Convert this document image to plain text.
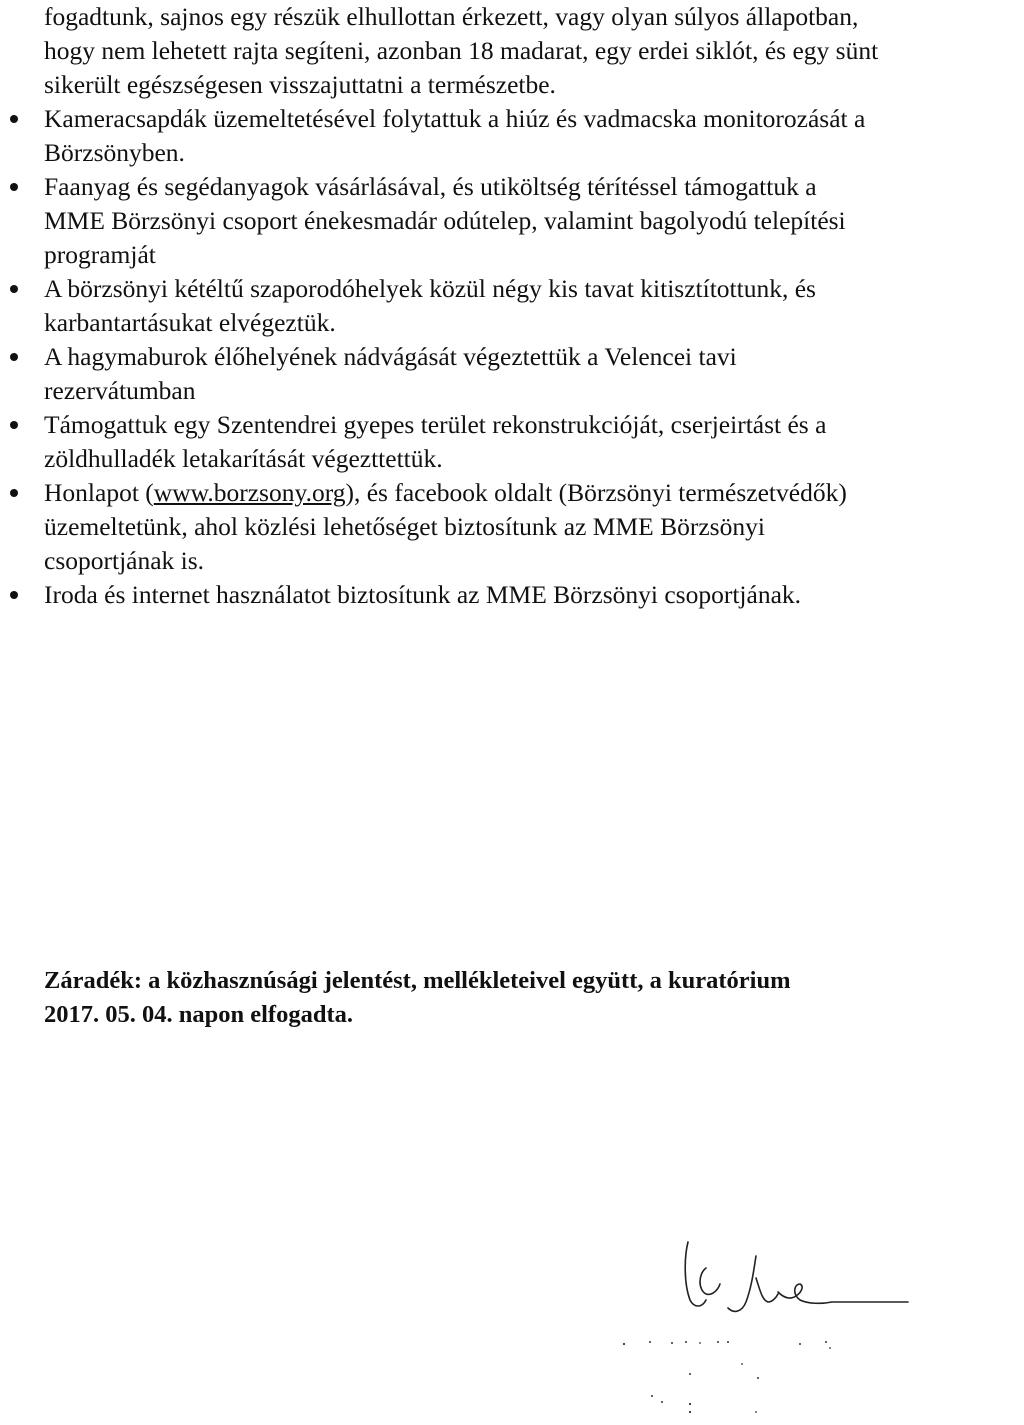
fogadtunk, sajnos egy részük elhullottan érkezett, vagy olyan súlyos állapotban,
hogy nem lehetett rajta segíteni, azonban 18 madarat, egy erdei siklót, és egy sünt
sikerült egészségesen visszajuttatni a természetbe.

Kameracsapdák üzemeltetésével folytattuk a hiúz és vadmacska monitorozását a
Börzsönyben.
Faanyag és segédanyagok vásárlásával, és utiköltség térítéssel támogattuk a
MME Börzsönyi csoport énekesmadár odútelep, valamint bagolyodú telepítési
programját
A börzsönyi kétéltű szaporodóhelyek közül négy kis tavat kitisztítottunk, és
karbantartásukat elvégeztük.
A hagymaburok élőhelyének nádvágását végeztettük a Velencei tavi
rezervátumban
Támogattuk egy Szentendrei gyepes terület rekonstrukcióját, cserjeirtást és a
zöldhulladék letakarítását végezttettük.
Honlapot (www.borzsony.org), és facebook oldalt (Börzsönyi természetvédők)
üzemeltetünk, ahol közlési lehetőséget biztosítunk az MME Börzsönyi
csoportjának is.
Iroda és internet használatot biztosítunk az MME Börzsönyi csoportjának.
Záradék: a közhasznúsági jelentést, mellékleteivel együtt, a kuratórium
2017. 05. 04. napon elfogadta.
